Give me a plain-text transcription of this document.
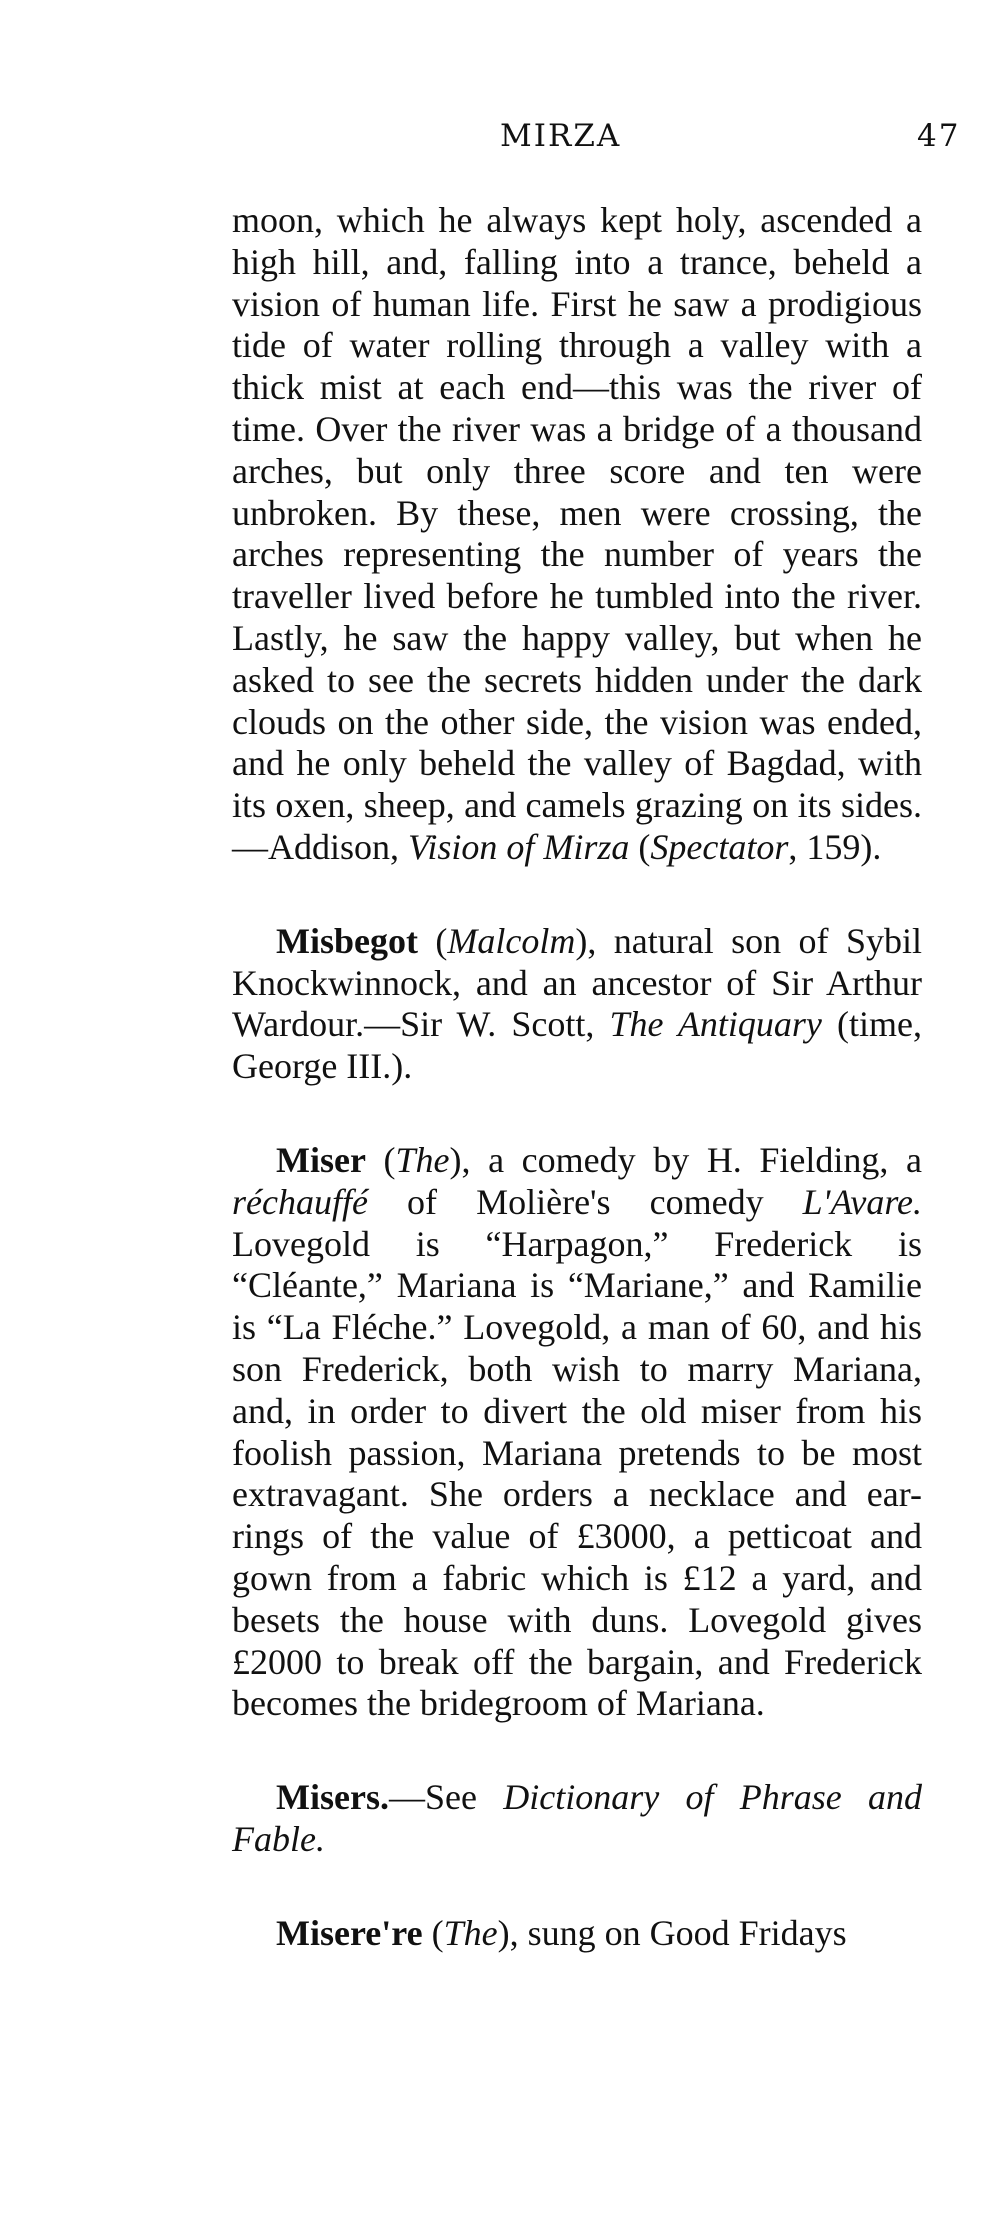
MIRZA	47

moon, which he always kept holy, ascended a high hill, and, falling into a trance, beheld a vision of human life. First he saw a prodigious tide of water rolling through a valley with a thick mist at each end—this was the river of time. Over the river was a bridge of a thousand arches, but only three score and ten were unbroken. By these, men were crossing, the arches representing the number of years the traveller lived before he tumbled into the river. Lastly, he saw the happy valley, but when he asked to see the secrets hidden under the dark clouds on the other side, the vision was ended, and he only beheld the valley of Bagdad, with its oxen, sheep, and camels grazing on its sides.—Addison, Vision of Mirza (Spectator, 159).

Misbegot (Malcolm), natural son of Sybil Knockwinnock, and an ancestor of Sir Arthur Wardour.—Sir W. Scott, The Antiquary (time, George III.).

Miser (The), a comedy by H. Fielding, a réchauffé of Molière's comedy L'Avare. Lovegold is “Harpagon,” Frederick is “Cléante,” Mariana is “Mariane,” and Ramilie is “La Fléche.” Lovegold, a man of 60, and his son Frederick, both wish to marry Mariana, and, in order to divert the old miser from his foolish passion, Mariana pretends to be most extravagant. She orders a necklace and ear-rings of the value of £3000, a petticoat and gown from a fabric which is £12 a yard, and besets the house with duns. Lovegold gives £2000 to break off the bargain, and Frederick becomes the bridegroom of Mariana.

Misers.—See Dictionary of Phrase and Fable.

Misere're (The), sung on Good Fridays
